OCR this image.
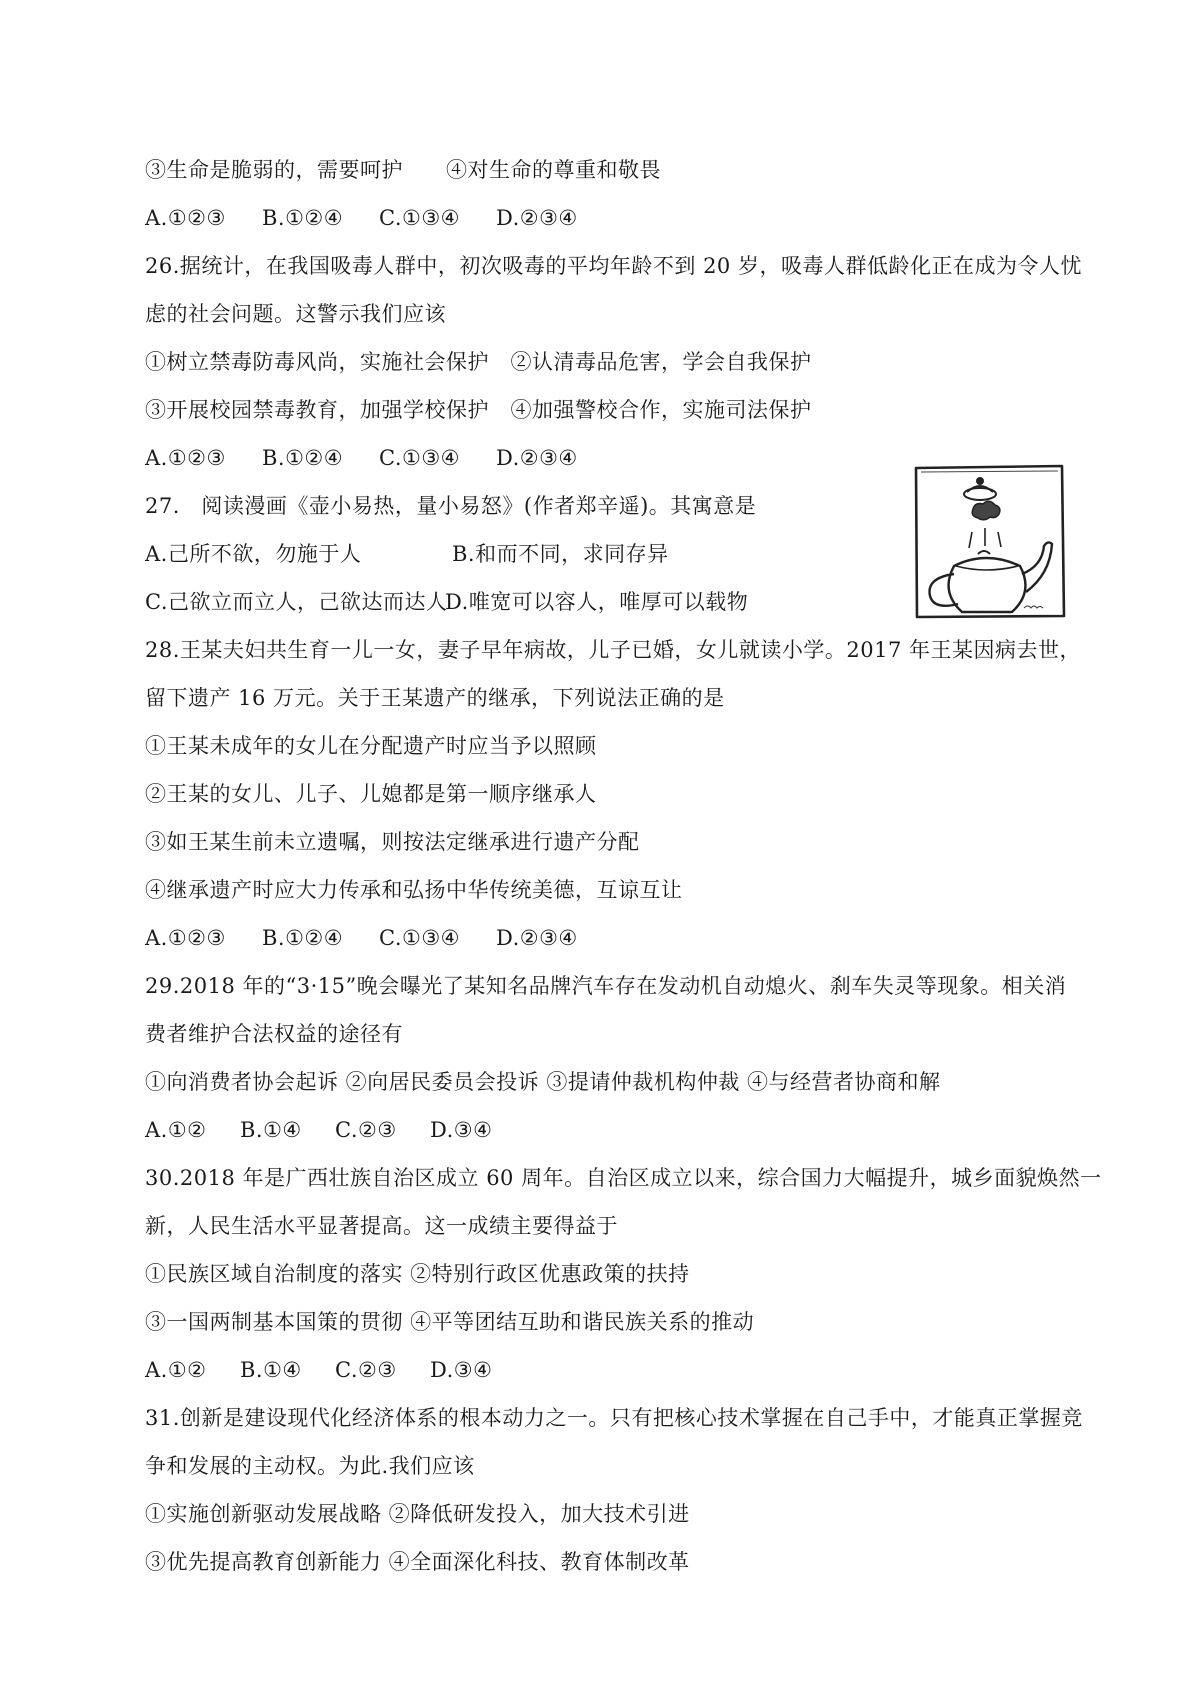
③生命是脆弱的，需要呵护　　④对生命的尊重和敬畏
A.①②③ B.①②④ C.①③④ D.②③④
26.据统计，在我国吸毒人群中，初次吸毒的平均年龄不到 20 岁，吸毒人群低龄化正在成为令人忧
虑的社会问题。这警示我们应该
①树立禁毒防毒风尚，实施社会保护　②认清毒品危害，学会自我保护
③开展校园禁毒教育，加强学校保护　④加强警校合作，实施司法保护
A.①②③ B.①②④ C.①③④ D.②③④
27.　阅读漫画《壶小易热，量小易怒》(作者郑辛遥)。其寓意是
A.己所不欲，勿施于人	B.和而不同，求同存异
C.己欲立而立人，己欲达而达人
D.唯宽可以容人，唯厚可以载物
28.王某夫妇共生育一儿一女，妻子早年病故，儿子已婚，女儿就读小学。2017 年王某因病去世，
留下遗产 16 万元。关于王某遗产的继承，下列说法正确的是
①王某未成年的女儿在分配遗产时应当予以照顾
②王某的女儿、儿子、儿媳都是第一顺序继承人
③如王某生前未立遗嘱，则按法定继承进行遗产分配
④继承遗产时应大力传承和弘扬中华传统美德，互谅互让
A.①②③ B.①②④ C.①③④ D.②③④
29.2018 年的“3·15”晚会曝光了某知名品牌汽车存在发动机自动熄火、刹车失灵等现象。相关消
费者维护合法权益的途径有
①向消费者协会起诉 ②向居民委员会投诉 ③提请仲裁机构仲裁 ④与经营者协商和解
A.①② B.①④ C.②③ D.③④
30.2018 年是广西壮族自治区成立 60 周年。自治区成立以来，综合国力大幅提升，城乡面貌焕然一
新，人民生活水平显著提高。这一成绩主要得益于
①民族区域自治制度的落实 ②特别行政区优惠政策的扶持
③一国两制基本国策的贯彻 ④平等团结互助和谐民族关系的推动
A.①② B.①④ C.②③ D.③④
31.创新是建设现代化经济体系的根本动力之一。只有把核心技术掌握在自己手中，才能真正掌握竞
争和发展的主动权。为此.我们应该
①实施创新驱动发展战略 ②降低研发投入，加大技术引进
③优先提高教育创新能力 ④全面深化科技、教育体制改革
